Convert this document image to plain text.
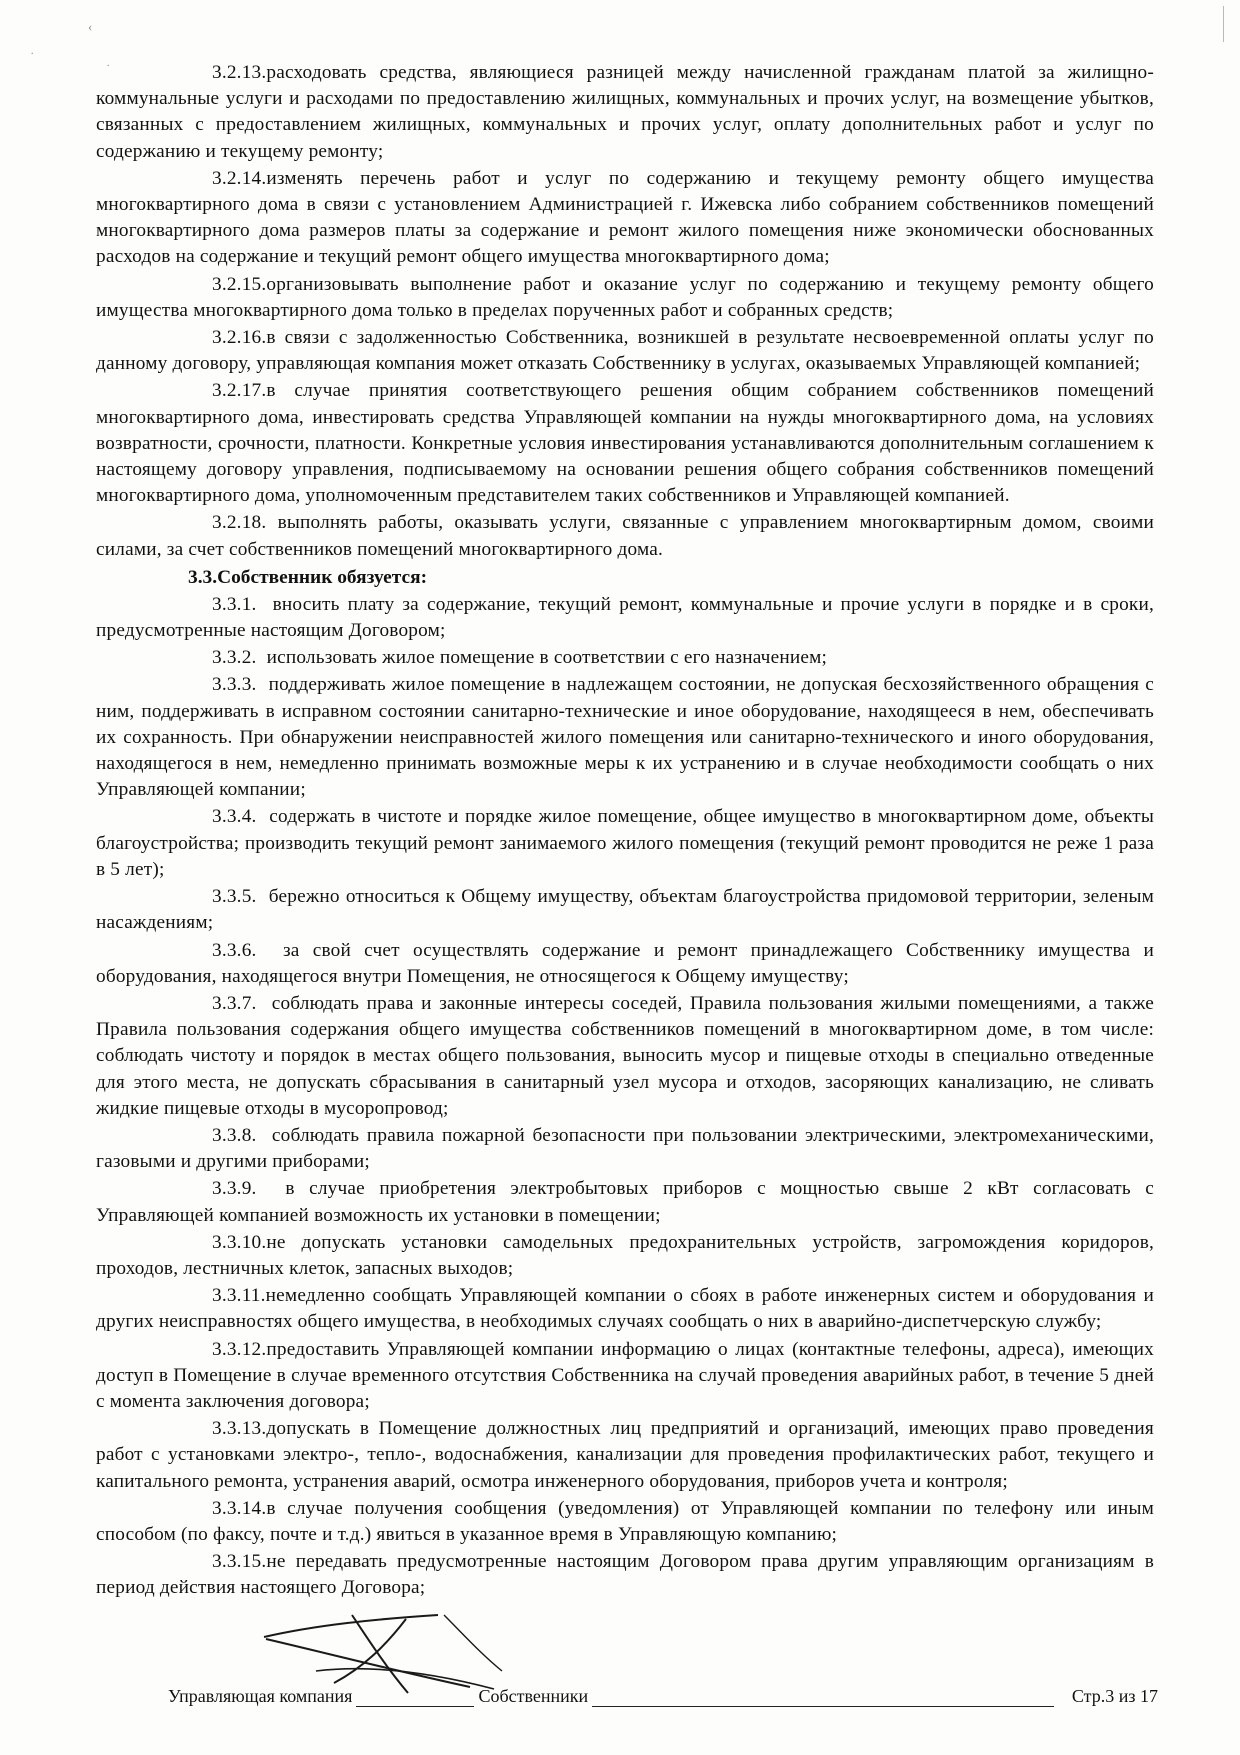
‹
˙
˙	3.2.13.расходовать средства, являющиеся разницей между начисленной гражданам платой за жилищно-коммунальные услуги и расходами по предоставлению жилищных, коммунальных и прочих услуг, на возмещение убытков, связанных с предоставлением жилищных, коммунальных и прочих услуг, оплату дополнительных работ и услуг по содержанию и текущему ремонту;

3.2.14.изменять перечень работ и услуг по содержанию и текущему ремонту общего имущества многоквартирного дома в связи с установлением Администрацией г. Ижевска либо собранием собственников помещений многоквартирного дома размеров платы за содержание и ремонт жилого помещения ниже экономически обоснованных расходов на содержание и текущий ремонт общего имущества многоквартирного дома;

3.2.15.организовывать выполнение работ и оказание услуг по содержанию и текущему ремонту общего имущества многоквартирного дома только в пределах порученных работ и собранных средств;

3.2.16.в связи с задолженностью Собственника, возникшей в результате несвоевременной оплаты услуг по данному договору, управляющая компания может отказать Собственнику в услугах, оказываемых Управляющей компанией;

3.2.17.в случае принятия соответствующего решения общим собранием собственников помещений многоквартирного дома, инвестировать средства Управляющей компании на нужды многоквартирного дома, на условиях возвратности, срочности, платности. Конкретные условия инвестирования устанавливаются дополнительным соглашением к настоящему договору управления, подписываемому на основании решения общего собрания собственников помещений многоквартирного дома, уполномоченным представителем таких собственников и Управляющей компанией.

3.2.18. выполнять работы, оказывать услуги, связанные с управлением многоквартирным домом, своими силами, за счет собственников помещений многоквартирного дома.

3.3.Собственник обязуется:

3.3.1. вносить плату за содержание, текущий ремонт, коммунальные и прочие услуги в порядке и в сроки, предусмотренные настоящим Договором;

3.3.2. использовать жилое помещение в соответствии с его назначением;

3.3.3. поддерживать жилое помещение в надлежащем состоянии, не допуская бесхозяйственного обращения с ним, поддерживать в исправном состоянии санитарно-технические и иное оборудование, находящееся в нем, обеспечивать их сохранность. При обнаружении неисправностей жилого помещения или санитарно-технического и иного оборудования, находящегося в нем, немедленно принимать возможные меры к их устранению и в случае необходимости сообщать о них Управляющей компании;

3.3.4. содержать в чистоте и порядке жилое помещение, общее имущество в многоквартирном доме, объекты благоустройства; производить текущий ремонт занимаемого жилого помещения (текущий ремонт проводится не реже 1 раза в 5 лет);

3.3.5. бережно относиться к Общему имуществу, объектам благоустройства придомовой территории, зеленым насаждениям;

3.3.6. за свой счет осуществлять содержание и ремонт принадлежащего Собственнику имущества и оборудования, находящегося внутри Помещения, не относящегося к Общему имуществу;

3.3.7. соблюдать права и законные интересы соседей, Правила пользования жилыми помещениями, а также Правила пользования содержания общего имущества собственников помещений в многоквартирном доме, в том числе: соблюдать чистоту и порядок в местах общего пользования, выносить мусор и пищевые отходы в специально отведенные для этого места, не допускать сбрасывания в санитарный узел мусора и отходов, засоряющих канализацию, не сливать жидкие пищевые отходы в мусоропровод;

3.3.8. соблюдать правила пожарной безопасности при пользовании электрическими, электромеханическими, газовыми и другими приборами;

3.3.9. в случае приобретения электробытовых приборов с мощностью свыше 2 кВт согласовать с Управляющей компанией возможность их установки в помещении;

3.3.10.не допускать установки самодельных предохранительных устройств, загромождения коридоров, проходов, лестничных клеток, запасных выходов;

3.3.11.немедленно сообщать Управляющей компании о сбоях в работе инженерных систем и оборудования и других неисправностях общего имущества, в необходимых случаях сообщать о них в аварийно-диспетчерскую службу;

3.3.12.предоставить Управляющей компании информацию о лицах (контактные телефоны, адреса), имеющих доступ в Помещение в случае временного отсутствия Собственника на случай проведения аварийных работ, в течение 5 дней с момента заключения договора;

3.3.13.допускать в Помещение должностных лиц предприятий и организаций, имеющих право проведения работ с установками электро-, тепло-, водоснабжения, канализации для проведения профилактических работ, текущего и капитального ремонта, устранения аварий, осмотра инженерного оборудования, приборов учета и контроля;

3.3.14.в случае получения сообщения (уведомления) от Управляющей компании по телефону или иным способом (по факсу, почте и т.д.) явиться в указанное время в Управляющую компанию;

3.3.15.не передавать предусмотренные настоящим Договором права другим управляющим организациям в период действия настоящего Договора;

Управляющая компания	Собственники	Стр.3 из 17
